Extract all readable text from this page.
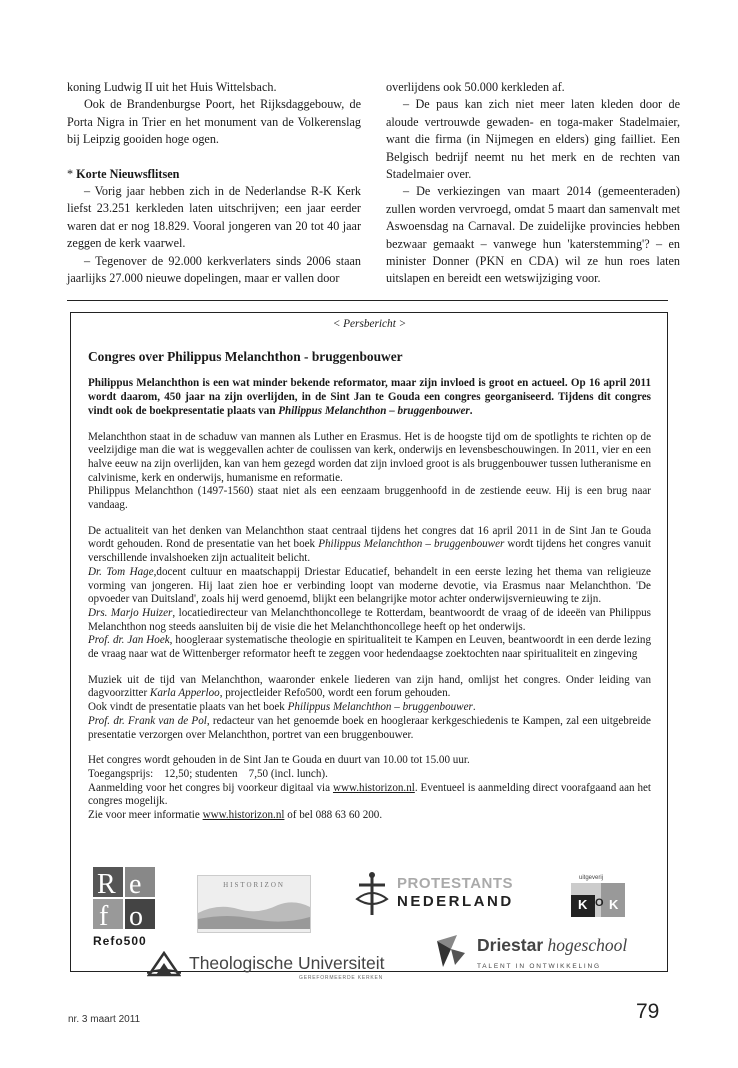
koning Ludwig II uit het Huis Wittelsbach.

Ook de Brandenburgse Poort, het Rijksdaggebouw, de Porta Nigra in Trier en het monument van de Volkerenslag bij Leipzig gooiden hoge ogen.

* Korte Nieuwsflitsen

– Vorig jaar hebben zich in de Nederlandse R-K Kerk liefst 23.251 kerkleden laten uitschrijven; een jaar eerder waren dat er nog 18.829. Vooral jongeren van 20 tot 40 jaar zeggen de kerk vaarwel.

– Tegenover de 92.000 kerkverlaters sinds 2006 staan jaarlijks 27.000 nieuwe dopelingen, maar er vallen door

overlijdens ook 50.000 kerkleden af.

– De paus kan zich niet meer laten kleden door de aloude vertrouwde gewaden- en toga-maker Stadelmaier, want die firma (in Nijmegen en elders) ging failliet. Een Belgisch bedrijf neemt nu het merk en de rechten van Stadelmaier over.

– De verkiezingen van maart 2014 (gemeenteraden) zullen worden vervroegd, omdat 5 maart dan samenvalt met Aswoensdag na Carnaval. De zuidelijke provincies hebben bezwaar gemaakt – vanwege hun 'katerstemming'? – en minister Donner (PKN en CDA) wil ze hun roes laten uitslapen en bereidt een wetswijziging voor.

< Persbericht >
Congres over Philippus Melanchthon - bruggenbouwer

Philippus Melanchthon is een wat minder bekende reformator, maar zijn invloed is groot en actueel. Op 16 april 2011 wordt daarom, 450 jaar na zijn overlijden, in de Sint Jan te Gouda een congres georganiseerd. Tijdens dit congres vindt ook de boekpresentatie plaats van Philippus Melanchthon – bruggenbouwer.

Melanchthon staat in de schaduw van mannen als Luther en Erasmus. Het is de hoogste tijd om de spotlights te richten op de veelzijdige man die wat is weggevallen achter de coulissen van kerk, onderwijs en levensbeschouwingen. In 2011, vier en een halve eeuw na zijn overlijden, kan van hem gezegd worden dat zijn invloed groot is als bruggenbouwer tussen lutheranisme en calvinisme, kerk en onderwijs, humanisme en reformatie.

Philippus Melanchthon (1497-1560) staat niet als een eenzaam bruggenhoofd in de zestiende eeuw. Hij is een brug naar vandaag.

De actualiteit van het denken van Melanchthon staat centraal tijdens het congres dat 16 april 2011 in de Sint Jan te Gouda wordt gehouden. Rond de presentatie van het boek Philippus Melanchthon – bruggenbouwer wordt tijdens het congres vanuit verschillende invalshoeken zijn actualiteit belicht.

Dr. Tom Hage,docent cultuur en maatschappij Driestar Educatief, behandelt in een eerste lezing het thema van religieuze vorming van jongeren. Hij laat zien hoe er verbinding loopt van moderne devotie, via Erasmus naar Melanchthon. 'De opvoeder van Duitsland', zoals hij werd genoemd, blijkt een belangrijke motor achter onderwijsvernieuwing te zijn.

Drs. Marjo Huizer, locatiedirecteur van Melanchthoncollege te Rotterdam, beantwoordt de vraag of de ideeën van Philippus Melanchthon nog steeds aansluiten bij de visie die het Melanchthoncollege heeft op het onderwijs.

Prof. dr. Jan Hoek, hoogleraar systematische theologie en spiritualiteit te Kampen en Leuven, beantwoordt in een derde lezing de vraag naar wat de Wittenberger reformator heeft te zeggen voor hedendaagse zoektochten naar spiritualiteit en zingeving

Muziek uit de tijd van Melanchthon, waaronder enkele liederen van zijn hand, omlijst het congres. Onder leiding van dagvoorzitter Karla Apperloo, projectleider Refo500, wordt een forum gehouden.

Ook vindt de presentatie plaats van het boek Philippus Melanchthon – bruggenbouwer.

Prof. dr. Frank van de Pol, redacteur van het genoemde boek en hoogleraar kerkgeschiedenis te Kampen, zal een uitgebreide presentatie verzorgen over Melanchthon, portret van een bruggenbouwer.

Het congres wordt gehouden in de Sint Jan te Gouda en duurt van 10.00 tot 15.00 uur.

Toegangsprijs:    12,50; studenten    7,50 (incl. lunch).

Aanmelding voor het congres bij voorkeur digitaal via www.historizon.nl. Eventueel is aanmelding direct voorafgaand aan het congres mogelijk.

Zie voor meer informatie www.historizon.nl of bel 088 63 60 200.

R e
f o
Refo500
HISTORIZON	PROTESTANTS
NEDERLAND
uitgeverij
K O K
Theologische Universiteit
GEREFORMEERDE KERKEN
Driestar hogeschool
TALENT IN ONTWIKKELING
nr. 3 maart 2011	79
